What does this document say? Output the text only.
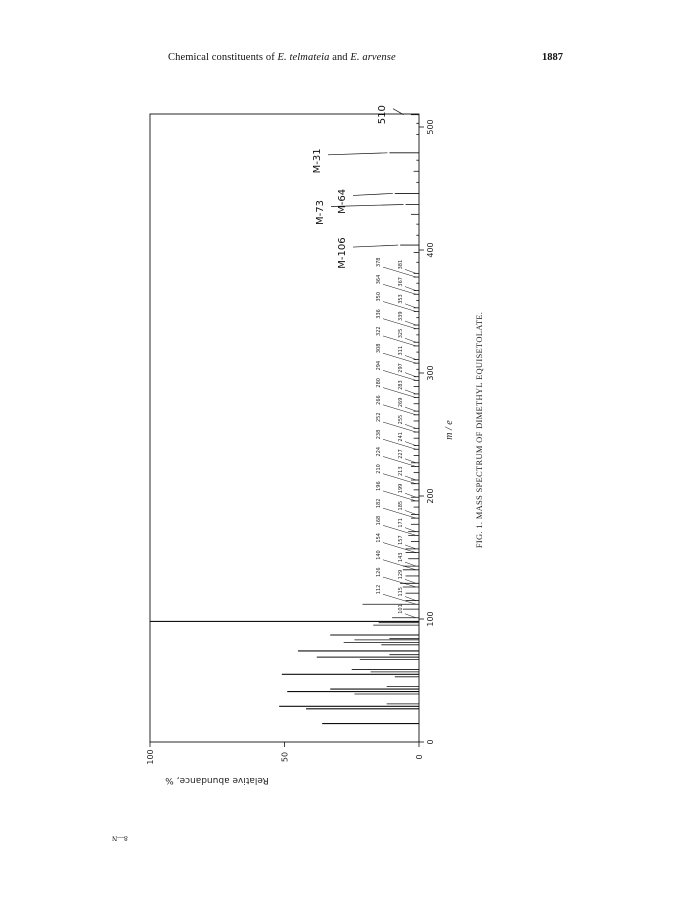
Chemical constituents of E. telmateia and E. arvense	1887
0
50
100
0
100
200
300
400
500
101
112	115
126	129
140	143
154	157
168	171
182	185
196	199
210	213
224	227
238	241
252	255
266	269
280	283
294	297
308	311
322	325
336	339
350	353
364	367
378	381
M-106
M-73 M-64
M-31
510
Relative abundance, %
m / e FIG. 1. MASS SPECTRUM OF DIMETHYL EQUISETOLATE.
8—N
